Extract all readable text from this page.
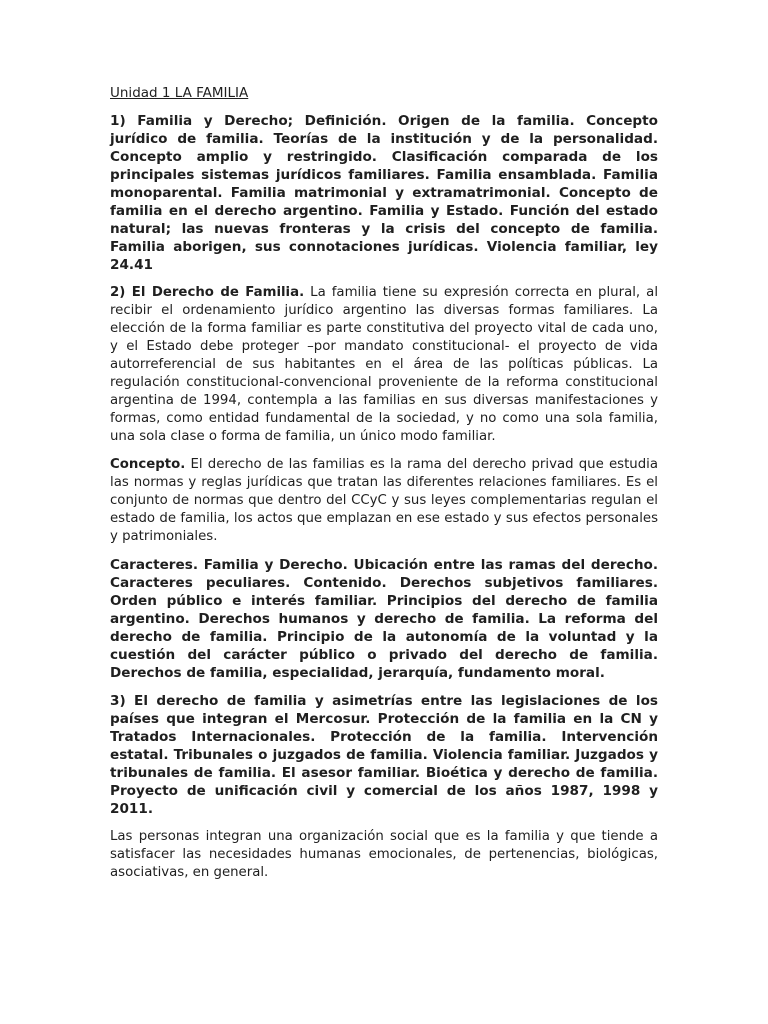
Unidad 1 LA FAMILIA

1) Familia y Derecho; Definición. Origen de la familia. Concepto jurídico de familia. Teorías de la institución y de la personalidad. Concepto amplio y restringido. Clasificación comparada de los principales sistemas jurídicos familiares. Familia ensamblada. Familia monoparental. Familia matrimonial y extramatrimonial. Concepto de familia en el derecho argentino. Familia y Estado. Función del estado natural; las nuevas fronteras y la crisis del concepto de familia. Familia aborigen, sus connotaciones jurídicas. Violencia familiar, ley 24.41

2) El Derecho de Familia. La familia tiene su expresión correcta en plural, al recibir el ordenamiento jurídico argentino las diversas formas familiares. La elección de la forma familiar es parte constitutiva del proyecto vital de cada uno, y el Estado debe proteger –por mandato constitucional- el proyecto de vida autorreferencial de sus habitantes en el área de las políticas públicas. La regulación constitucional-convencional proveniente de la reforma constitucional argentina de 1994, contempla a las familias en sus diversas manifestaciones y formas, como entidad fundamental de la sociedad, y no como una sola familia, una sola clase o forma de familia, un único modo familiar.

Concepto. El derecho de las familias es la rama del derecho privad que estudia las normas y reglas jurídicas que tratan las diferentes relaciones familiares. Es el conjunto de normas que dentro del CCyC y sus leyes complementarias regulan el estado de familia, los actos que emplazan en ese estado y sus efectos personales y patrimoniales.

Caracteres. Familia y Derecho. Ubicación entre las ramas del derecho. Caracteres peculiares. Contenido. Derechos subjetivos familiares. Orden público e interés familiar. Principios del derecho de familia argentino. Derechos humanos y derecho de familia. La reforma del derecho de familia. Principio de la autonomía de la voluntad y la cuestión del carácter público o privado del derecho de familia. Derechos de familia, especialidad, jerarquía, fundamento moral.

3) El derecho de familia y asimetrías entre las legislaciones de los países que integran el Mercosur. Protección de la familia en la CN y Tratados Internacionales. Protección de la familia. Intervención estatal. Tribunales o juzgados de familia. Violencia familiar. Juzgados y tribunales de familia. El asesor familiar. Bioética y derecho de familia. Proyecto de unificación civil y comercial de los años 1987, 1998 y 2011.

Las personas integran una organización social que es la familia y que tiende a satisfacer las necesidades humanas emocionales, de pertenencias, biológicas, asociativas, en general.
